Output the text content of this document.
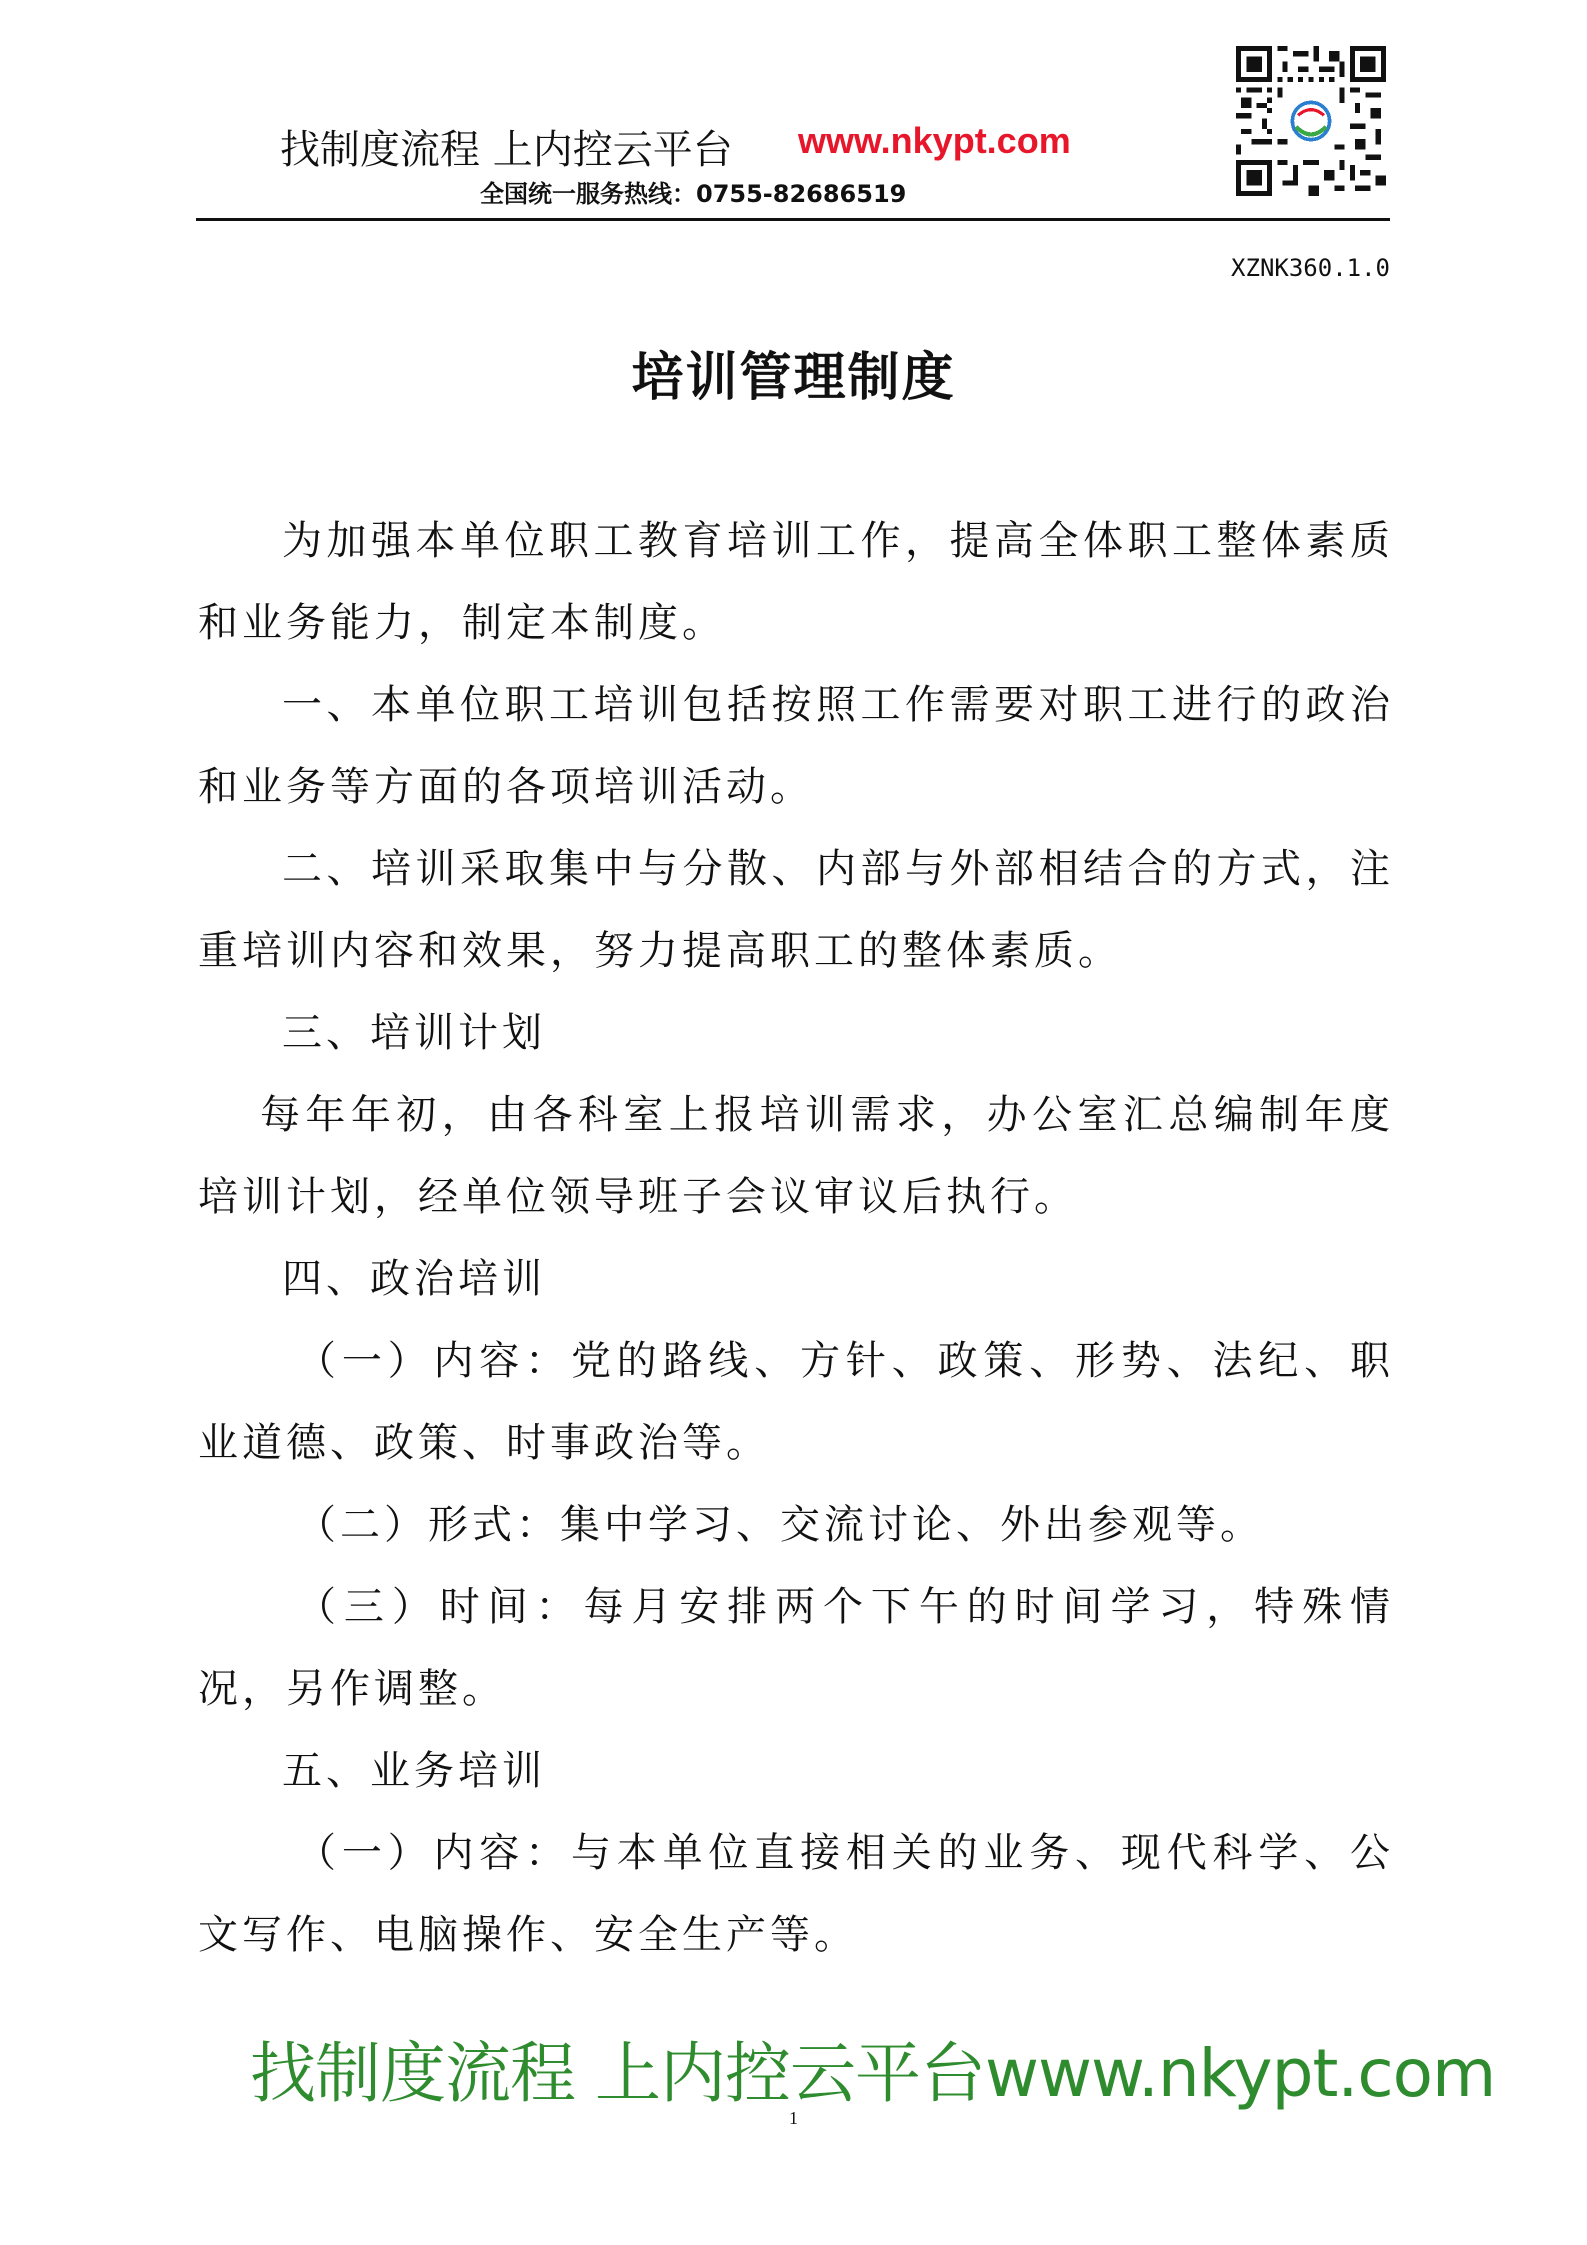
找制度流程 上内控云平台 www.nkypt.com
全国统一服务热线：0755-82686519
XZNK360.1.0
培训管理制度

为加强本单位职工教育培训工作，提高全体职工整体素质和业务能力，制定本制度。

一、本单位职工培训包括按照工作需要对职工进行的政治和业务等方面的各项培训活动。

二、培训采取集中与分散、内部与外部相结合的方式，注重培训内容和效果，努力提高职工的整体素质。

三、培训计划

每年年初，由各科室上报培训需求，办公室汇总编制年度培训计划，经单位领导班子会议审议后执行。

四、政治培训

（一）内容：党的路线、方针、政策、形势、法纪、职业道德、政策、时事政治等。

（二）形式：集中学习、交流讨论、外出参观等。

（三）时间：每月安排两个下午的时间学习，特殊情况，另作调整。

五、业务培训

（一）内容：与本单位直接相关的业务、现代科学、公文写作、电脑操作、安全生产等。

找制度流程 上内控云平台www.nkypt.com
1
